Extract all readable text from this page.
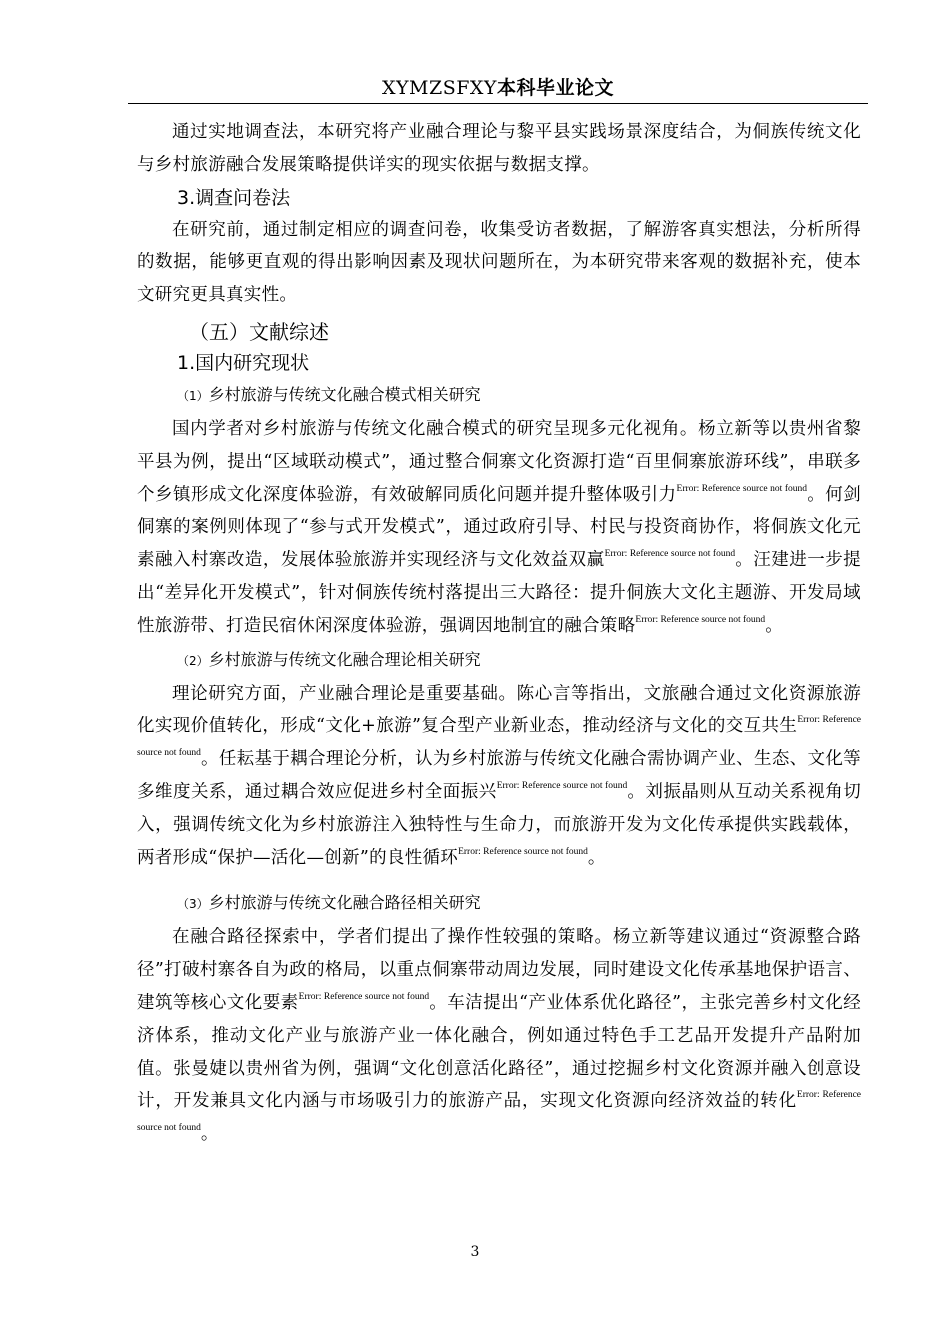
XYMZSFXY本科毕业论文

通过实地调查法，本研究将产业融合理论与黎平县实践场景深度结合，为侗族传统文化与乡村旅游融合发展策略提供详实的现实依据与数据支撑。

3.调查问卷法

在研究前，通过制定相应的调查问卷，收集受访者数据，了解游客真实想法，分析所得的数据，能够更直观的得出影响因素及现状问题所在，为本研究带来客观的数据补充，使本文研究更具真实性。

（五）文献综述
1.国内研究现状
（1）乡村旅游与传统文化融合模式相关研究

国内学者对乡村旅游与传统文化融合模式的研究呈现多元化视角。杨立新等以贵州省黎平县为例，提出“区域联动模式”，通过整合侗寨文化资源打造“百里侗寨旅游环线”，串联多个乡镇形成文化深度体验游，有效破解同质化问题并提升整体吸引力$^{Error: Reference source not found}$。何剑侗寨的案例则体现了“参与式开发模式”，通过政府引导、村民与投资商协作，将侗族文化元素融入村寨改造，发展体验旅游并实现经济与文化效益双赢$^{Error: Reference source not found}$。汪建进一步提出“差异化开发模式”，针对侗族传统村落提出三大路径：提升侗族大文化主题游、开发局域性旅游带、打造民宿休闲深度体验游，强调因地制宜的融合策略$^{Error: Reference source not found}$。

（2）乡村旅游与传统文化融合理论相关研究

理论研究方面，产业融合理论是重要基础。陈心言等指出，文旅融合通过文化资源旅游化实现价值转化，形成“文化+旅游”复合型产业新业态，推动经济与文化的交互共生$^{Error: Reference source not found}$。任耘基于耦合理论分析，认为乡村旅游与传统文化融合需协调产业、生态、文化等多维度关系，通过耦合效应促进乡村全面振兴$^{Error: Reference source not found}$。刘振晶则从互动关系视角切入，强调传统文化为乡村旅游注入独特性与生命力，而旅游开发为文化传承提供实践载体，两者形成“保护—活化—创新”的良性循环$^{Error: Reference source not found}$。

（3）乡村旅游与传统文化融合路径相关研究

在融合路径探索中，学者们提出了操作性较强的策略。杨立新等建议通过“资源整合路径”打破村寨各自为政的格局，以重点侗寨带动周边发展，同时建设文化传承基地保护语言、建筑等核心文化要素$^{Error: Reference source not found}$。车洁提出“产业体系优化路径”，主张完善乡村文化经济体系，推动文化产业与旅游产业一体化融合，例如通过特色手工艺品开发提升产品附加值。张曼婕以贵州省为例，强调“文化创意活化路径”，通过挖掘乡村文化资源并融入创意设计，开发兼具文化内涵与市场吸引力的旅游产品，实现文化资源向经济效益的转化$^{Error: Reference source not found}$。

3
